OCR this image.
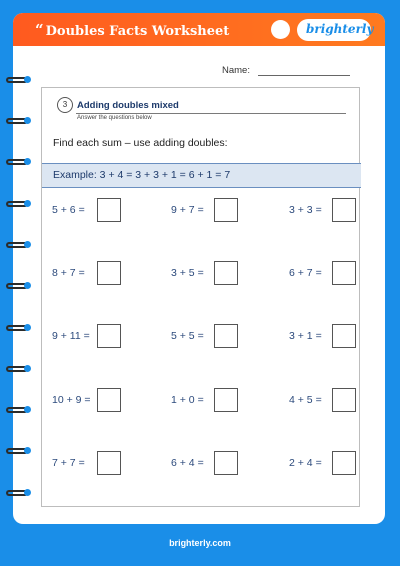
“ Doubles Facts Worksheet	brighterly
Name:
3	Adding doubles mixed
Answer the questions below
Find each sum – use adding doubles:
Example: 3 + 4 = 3 + 3 + 1 = 6 + 1 = 7
5 + 6 =	9 + 7 =	3 + 3 =
8 + 7 =	3 + 5 =	6 + 7 =
9 + 11 =	5 + 5 =	3 + 1 =
10 + 9 =	1 + 0 =	4 + 5 =
7 + 7 =	6 + 4 =	2 + 4 =
brighterly.com
